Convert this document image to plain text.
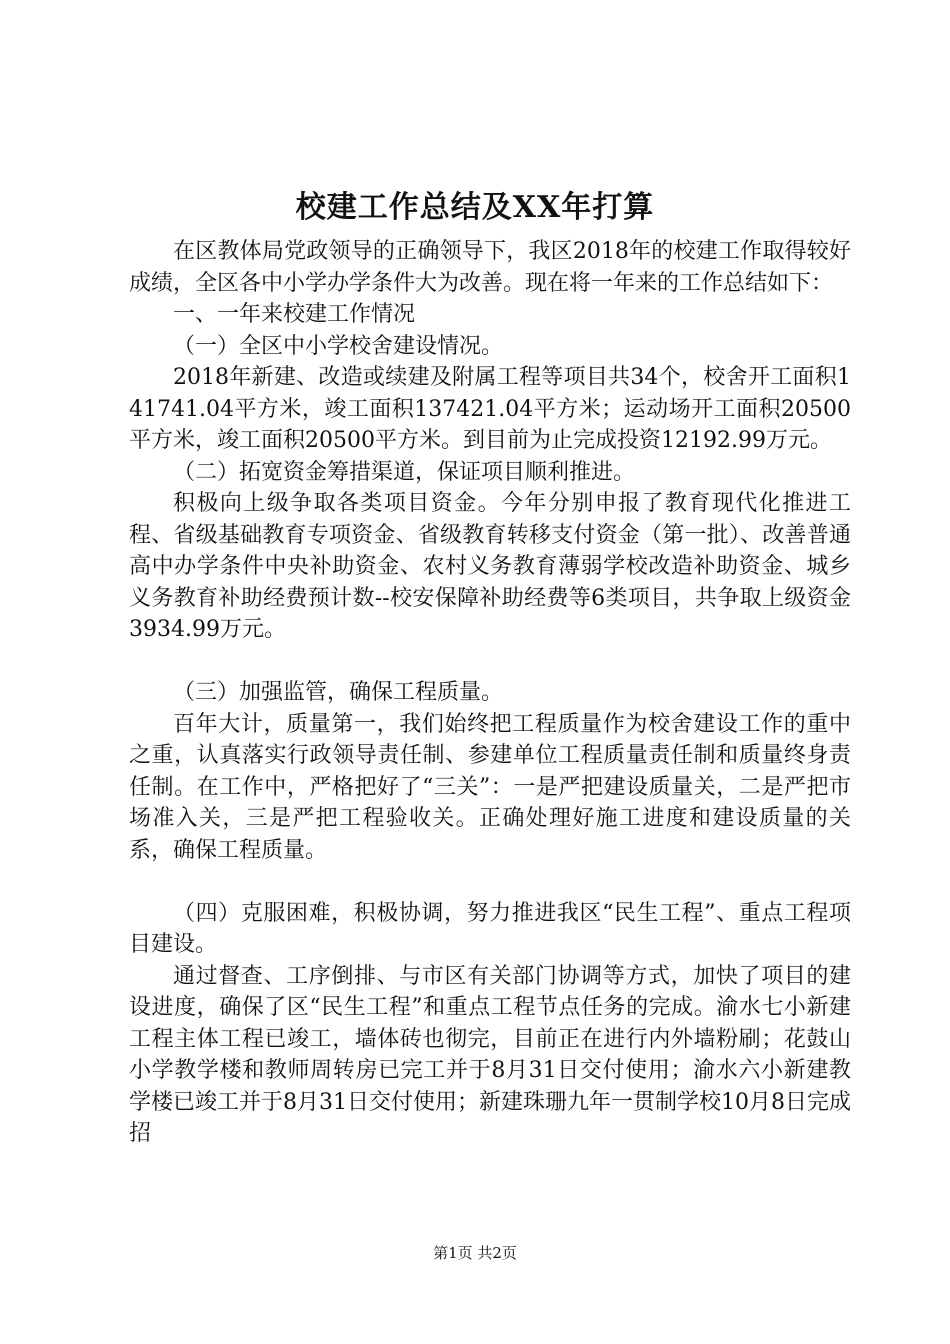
校建工作总结及XX年打算

在区教体局党政领导的正确领导下，我区2018年的校建工作取得较好成绩，全区各中小学办学条件大为改善。现在将一年来的工作总结如下：

一、一年来校建工作情况

（一）全区中小学校舍建设情况。

2018年新建、改造或续建及附属工程等项目共34个，校舍开工面积141741.04平方米，竣工面积137421.04平方米；运动场开工面积20500平方米，竣工面积20500平方米。到目前为止完成投资12192.99万元。

（二）拓宽资金筹措渠道，保证项目顺利推进。

积极向上级争取各类项目资金。今年分别申报了教育现代化推进工程、省级基础教育专项资金、省级教育转移支付资金（第一批）、改善普通高中办学条件中央补助资金、农村义务教育薄弱学校改造补助资金、城乡义务教育补助经费预计数--校安保障补助经费等6类项目，共争取上级资金3934.99万元。

（三）加强监管，确保工程质量。

百年大计，质量第一，我们始终把工程质量作为校舍建设工作的重中之重，认真落实行政领导责任制、参建单位工程质量责任制和质量终身责任制。在工作中，严格把好了“三关”：一是严把建设质量关，二是严把市场准入关，三是严把工程验收关。正确处理好施工进度和建设质量的关系，确保工程质量。

（四）克服困难，积极协调，努力推进我区“民生工程”、重点工程项目建设。

通过督查、工序倒排、与市区有关部门协调等方式，加快了项目的建设进度，确保了区“民生工程”和重点工程节点任务的完成。渝水七小新建工程主体工程已竣工，墙体砖也彻完，目前正在进行内外墙粉刷；花鼓山小学教学楼和教师周转房已完工并于8月31日交付使用；渝水六小新建教学楼已竣工并于8月31日交付使用；新建珠珊九年一贯制学校10月8日完成招

第1页 共2页
